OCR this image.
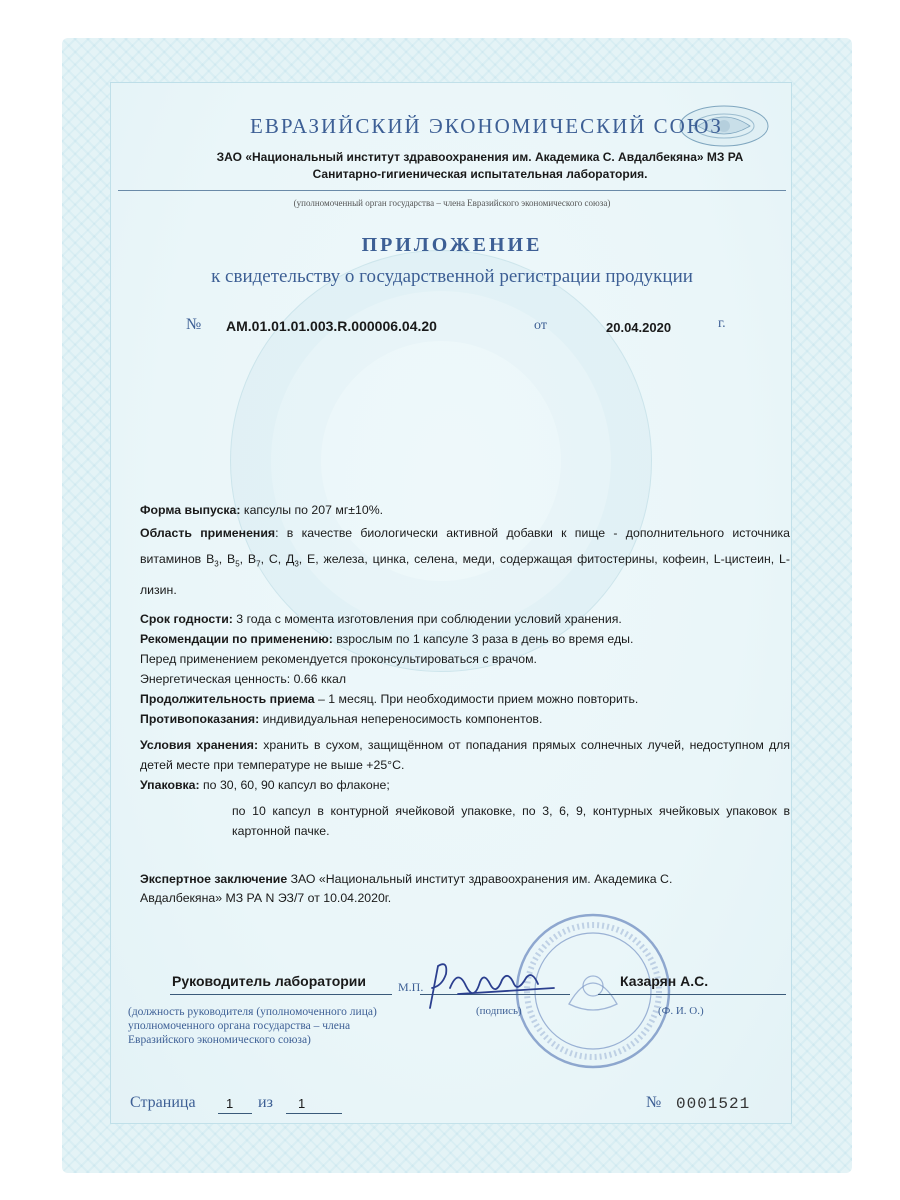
ЕВРАЗИЙСКИЙ ЭКОНОМИЧЕСКИЙ СОЮЗ
ЗАО «Национальный институт здравоохранения им. Академика С. Авдалбекяна» МЗ РА
Санитарно-гигиеническая испытательная лаборатория.
(уполномоченный орган государства – члена Евразийского экономического союза)
ПРИЛОЖЕНИЕ
к свидетельству о государственной регистрации продукции
№ AM.01.01.01.003.R.000006.04.20	от	20.04.2020	г.

Форма выпуска: капсулы по 207 мг±10%.

Область применения: в качестве биологически активной добавки к пище - дополнительного источника витаминов $B_3$, $B_5$, $B_7$, C, $Д_3$, E, железа, цинка, селена, меди, содержащая фитостерины, кофеин, L-цистеин, L-лизин.

Срок годности: 3 года с момента изготовления при соблюдении условий хранения.

Рекомендации по применению: взрослым по 1 капсуле 3 раза в день во время еды.

Перед применением рекомендуется проконсультироваться с врачом.

Энергетическая ценность: 0.66 ккал

Продолжительность приема – 1 месяц. При необходимости прием можно повторить.

Противопоказания: индивидуальная непереносимость компонентов.

Условия хранения: хранить в сухом, защищённом от попадания прямых солнечных лучей, недоступном для детей месте при температуре не выше +25°С.

Упаковка: по 30, 60, 90 капсул во флаконе;

по 10 капсул в контурной ячейковой упаковке, по 3, 6, 9, контурных ячейковых упаковок в картонной пачке.

Экспертное заключение ЗАО «Национальный институт здравоохранения им. Академика С. Авдалбекяна» МЗ РА N ЭЗ/7 от 10.04.2020г.
Руководитель лаборатории	М.П.	Казарян А.С.
(должность руководителя (уполномоченного лица) уполномоченного органа государства – члена Евразийского экономического союза)
(подпись)	(Ф. И. О.)
Страница 1 из 1	№ 0001521
